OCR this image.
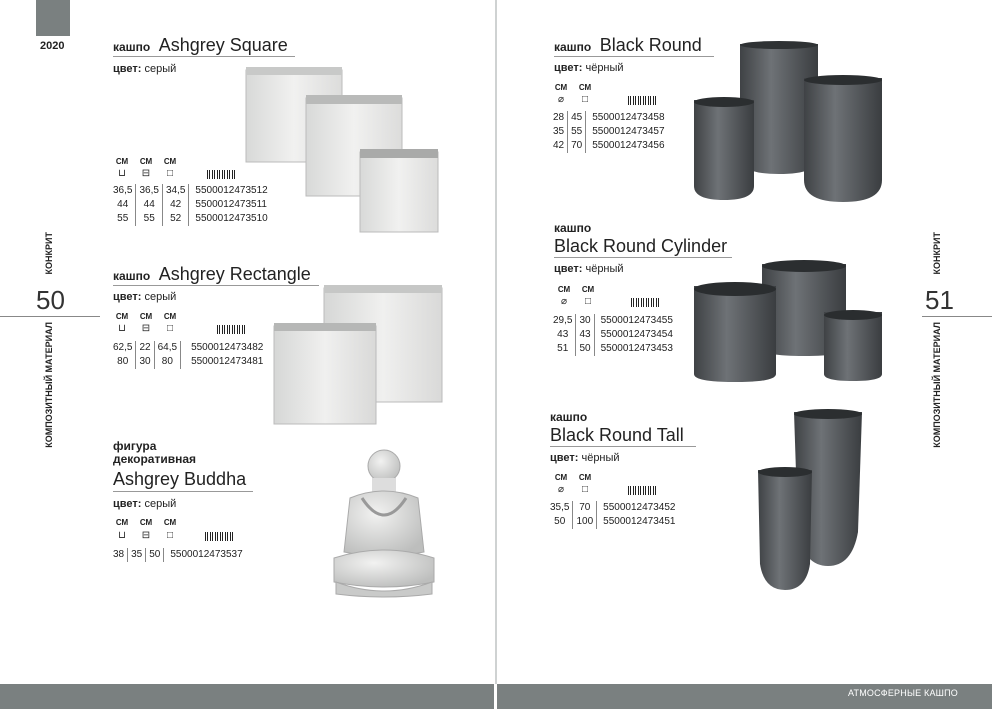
2020
АТМОСФЕРНЫЕ КАШПО
КОНКРИТ
50
КОМПОЗИТНЫЙ МАТЕРИАЛ
КОНКРИТ
51
КОМПОЗИТНЫЙ МАТЕРИАЛ
кашпо Ashgrey Square
цвет: серый
СМ	СМ	СМ
⊔	⊟	□
36,5	36,5	34,5	5500012473512
44	44	42	5500012473511
55	55	52	5500012473510
кашпо Ashgrey Rectangle
цвет: серый
СМ	СМ	СМ
⊔	⊟	□
62,5	22	64,5	5500012473482
80	30	80	5500012473481
фигура
декоративная
Ashgrey Buddha
цвет: серый
СМ	СМ	СМ
⊔	⊟	□
38	35	50	5500012473537
кашпо Black Round
цвет: чёрный
СМ	СМ
⌀	□
28	45	5500012473458
35	55	5500012473457
42	70	5500012473456
кашпо
Black Round Cylinder
цвет: чёрный
СМ	СМ
⌀	□
29,5	30	5500012473455
43	43	5500012473454
51	50	5500012473453
кашпо
Black Round Tall
цвет: чёрный
СМ	СМ
⌀	□
35,5	70	5500012473452
50	100	5500012473451
